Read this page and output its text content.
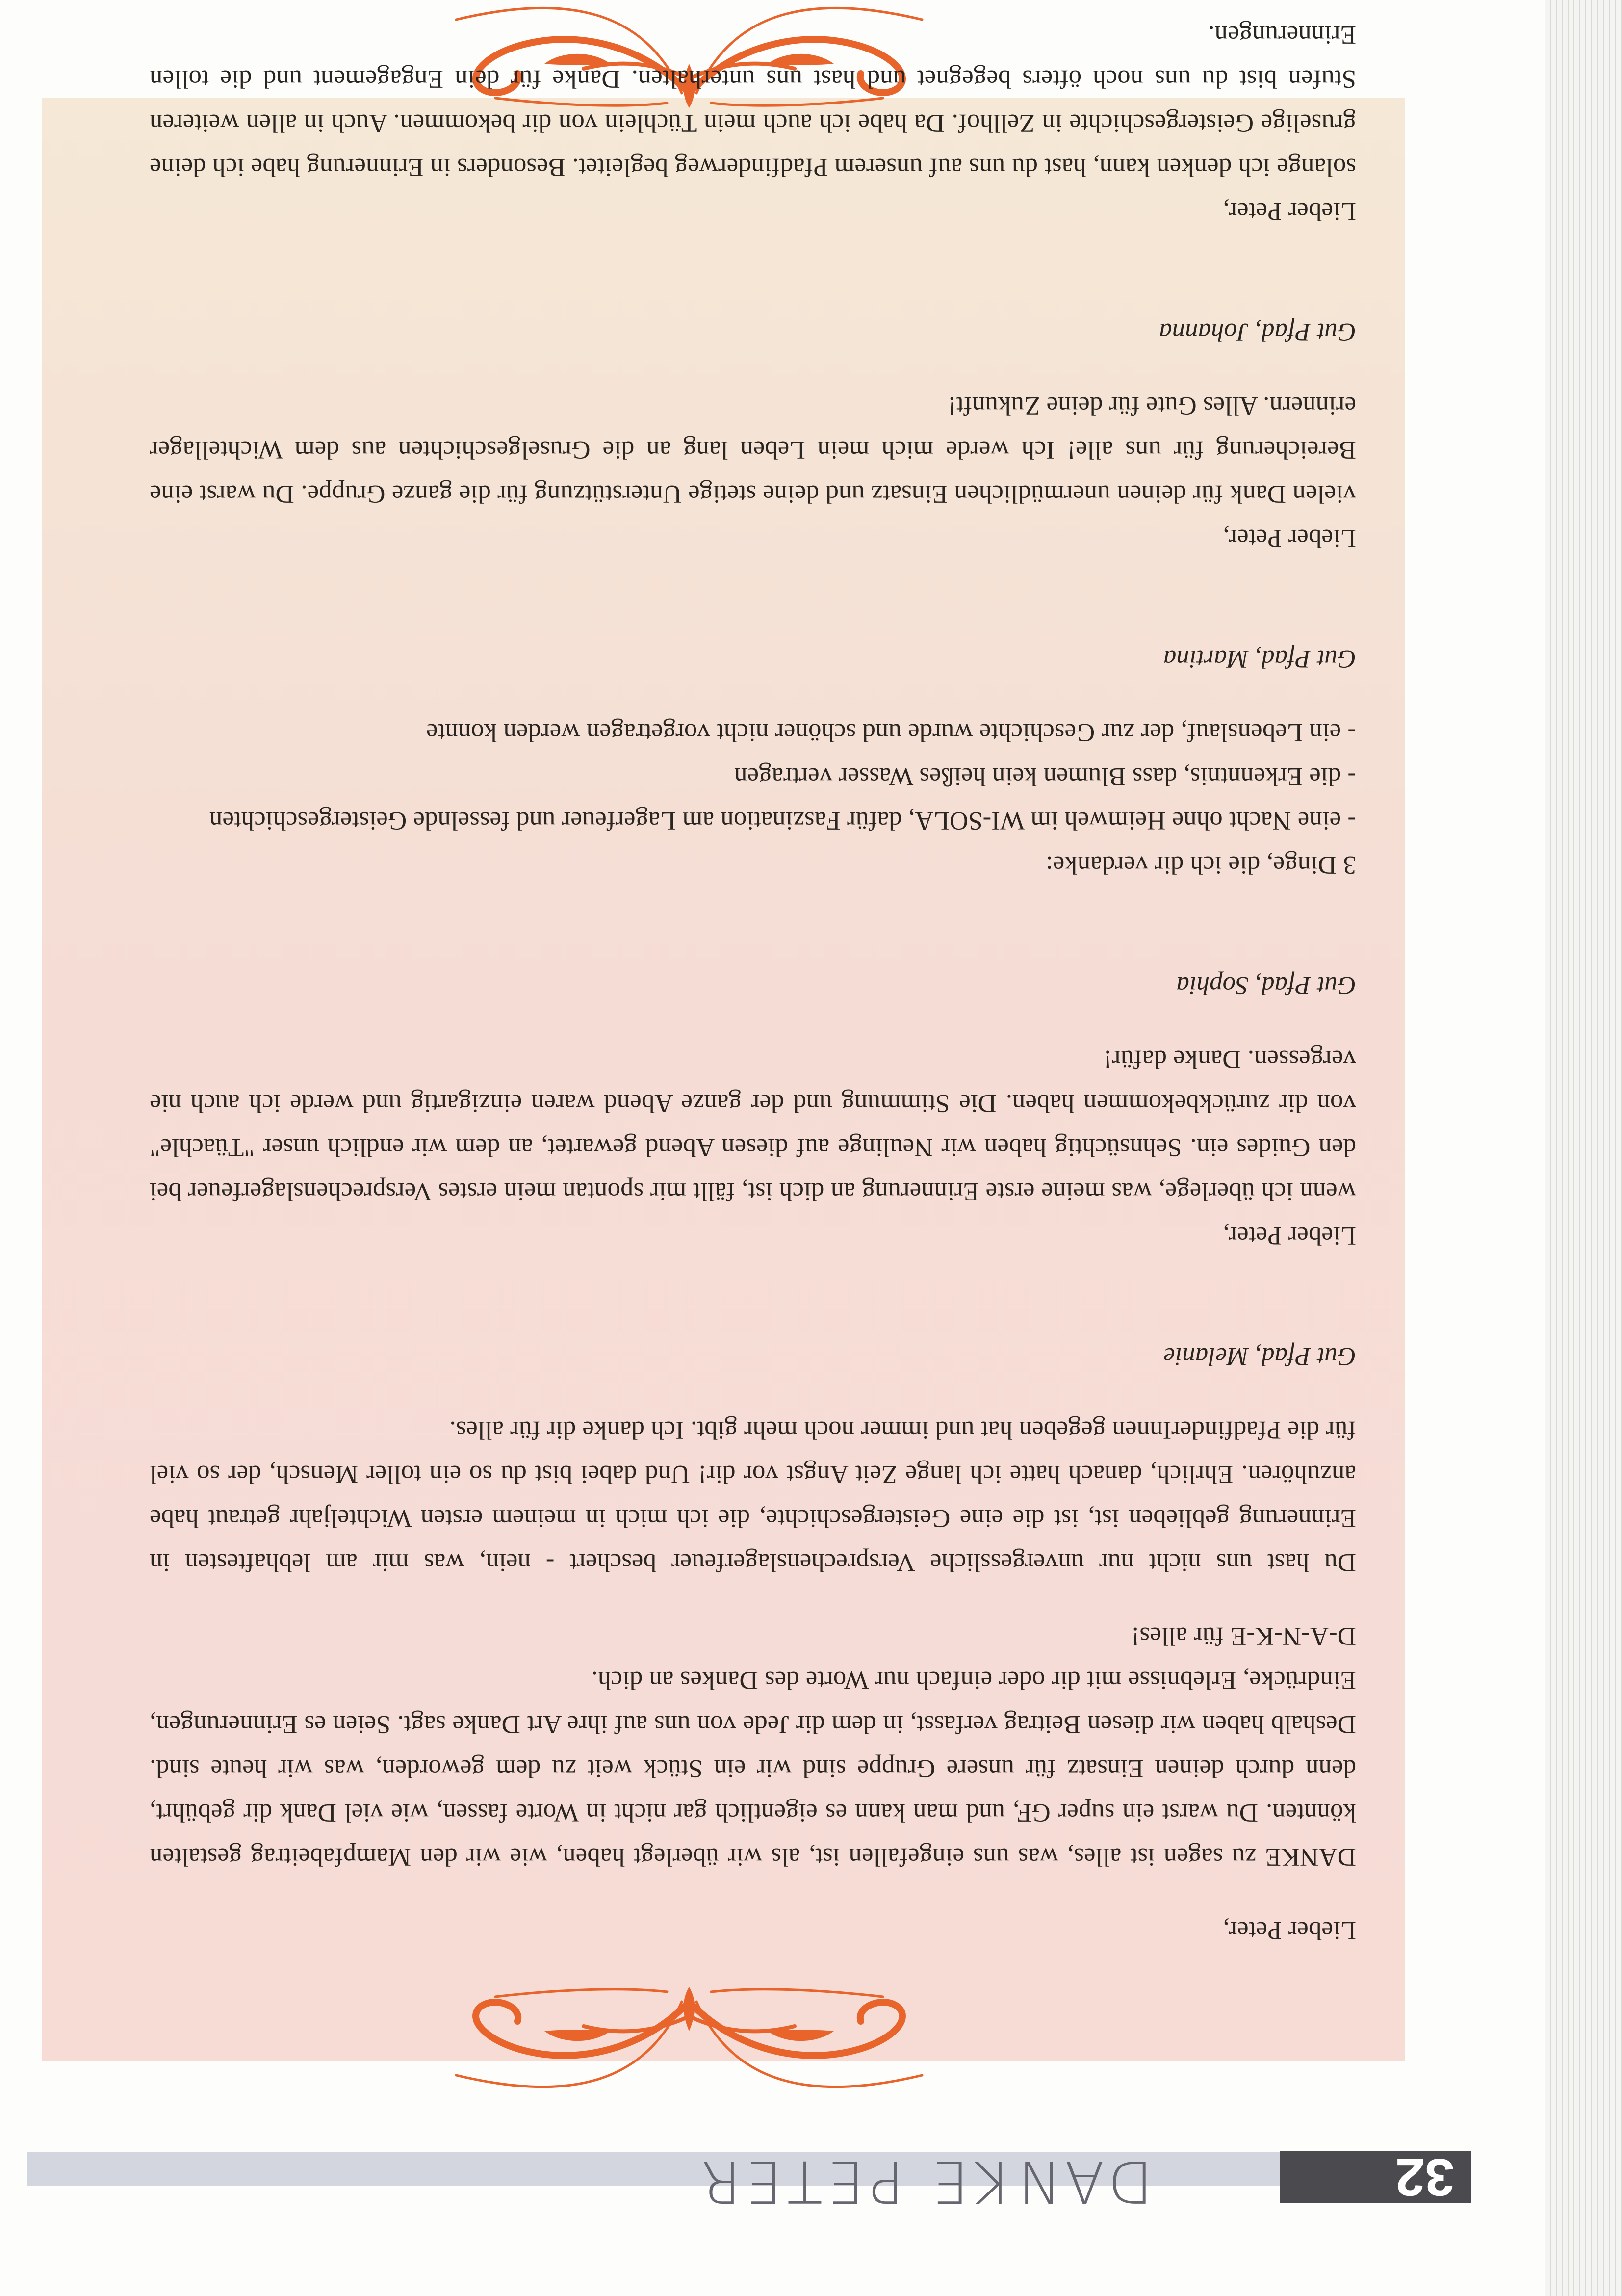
32
DANKE PETER

Lieber Peter,

DANKE zu sagen ist alles, was uns eingefallen ist, als wir überlegt haben, wie wir den Mampfabeitrag gestalten könnten. Du warst ein super GF, und man kann es eigentlich gar nicht in Worte fassen, wie viel Dank dir gebührt, denn durch deinen Einsatz für unsere Gruppe sind wir ein Stück weit zu dem geworden, was wir heute sind. Deshalb haben wir diesen Beitrag verfasst, in dem dir Jede von uns auf ihre Art Danke sagt. Seien es Erinnerungen, Eindrücke, Erlebnisse mit dir oder einfach nur Worte des Dankes an dich.

D-A-N-K-E für alles!

Du hast uns nicht nur unvergessliche Versprechenslagerfeuer beschert - nein, was mir am lebhaftesten in Erinnerung geblieben ist, ist die eine Geistergeschichte, die ich mich in meinem ersten Wichteljahr getraut habe anzuhören. Ehrlich, danach hatte ich lange Zeit Angst vor dir! Und dabei bist du so ein toller Mensch, der so viel für die PfadfinderInnen gegeben hat und immer noch mehr gibt. Ich danke dir für alles.

Gut Pfad, Melanie

Lieber Peter,

wenn ich überlege, was meine erste Erinnerung an dich ist, fällt mir spontan mein erstes Versprechenslagerfeuer bei den Guides ein. Sehnsüchtig haben wir Neulinge auf diesen Abend gewartet, an dem wir endlich unser "Tüachle" von dir zurückbekommen haben. Die Stimmung und der ganze Abend waren einzigartig und werde ich auch nie vergessen. Danke dafür!

Gut Pfad, Sophia

3 Dinge, die ich dir verdanke:

- eine Nacht ohne Heimweh im WI-SOLA, dafür Faszination am Lagerfeuer und fesselnde Geistergeschichten

- die Erkenntnis, dass Blumen kein heißes Wasser vertragen

- ein Lebenslauf, der zur Geschichte wurde und schöner nicht vorgetragen werden konnte

Gut Pfad, Martina

Lieber Peter,

vielen Dank für deinen unermüdlichen Einsatz und deine stetige Unterstützung für die ganze Gruppe. Du warst eine Bereicherung für uns alle! Ich werde mich mein Leben lang an die Gruselgeschichten aus dem Wichtellager erinnern. Alles Gute für deine Zukunft!

Gut Pfad, Johanna

Lieber Peter,

solange ich denken kann, hast du uns auf unserem Pfadfinderweg begleitet. Besonders in Erinnerung habe ich deine gruselige Geistergeschichte in Zellhof. Da habe ich auch mein Tüchlein von dir bekommen. Auch in allen weiteren Stufen bist du uns noch öfters begegnet und hast uns unterhalten. Danke für dein Engagement und die tollen Erinnerungen.
